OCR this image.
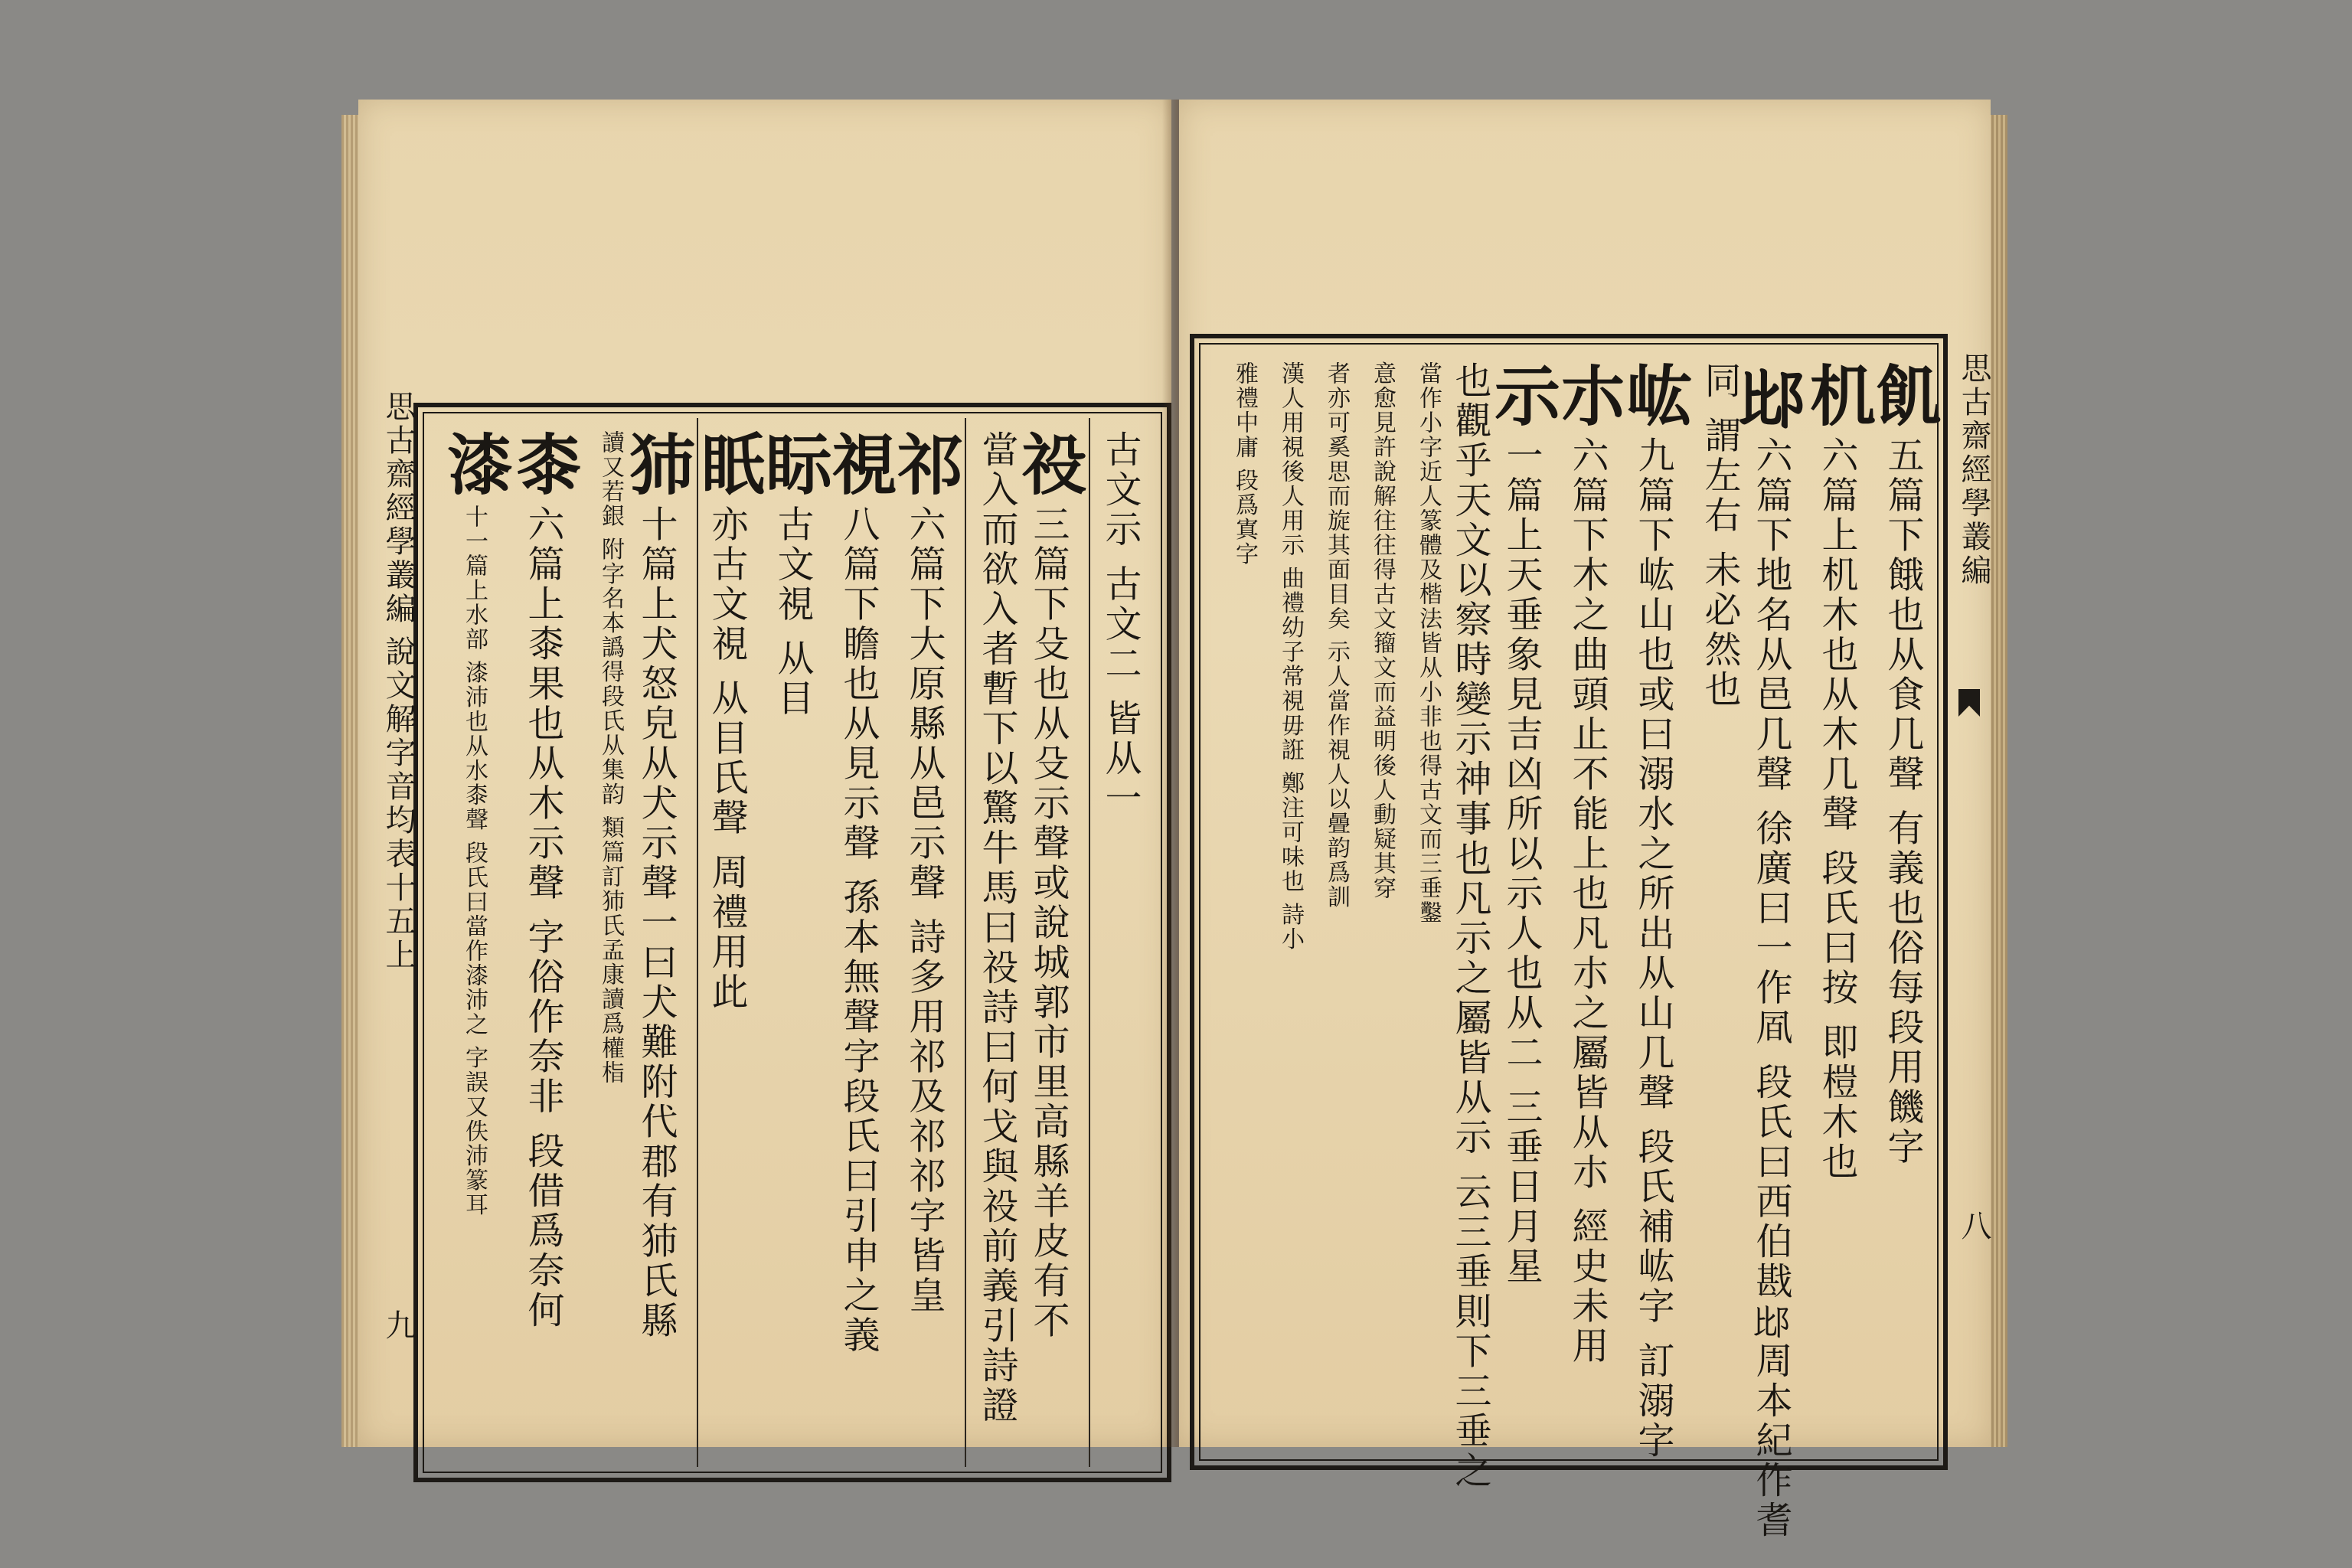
思古齋經學叢編
說文解字音均表十五上
九
古文示 古文二 皆从一
祋 三篇下殳也从殳示聲或說城郭市里高縣羊皮有不
當入而欲入者暫下以驚牛馬曰祋詩曰何戈與祋前義引詩證
祁 六篇下大原縣从邑示聲 詩多用祁及祁祁字皆皇
視 八篇下瞻也从見示聲 孫本無聲字段氏曰引申之義
眎 古文視 从目
眂 亦古文視 从目氏聲 周禮用此
犻 十篇上犬怒皃从犬示聲一曰犬難附代郡有犻氏縣
讀又若銀 附字名本譌得段氏从集韵 類篇訂犻氏孟康讀爲權栺
桼 六篇上桼果也从木示聲 字俗作奈非 段借爲奈何
漆 十一篇上水部 漆沛也从水桼聲 段氏曰當作漆沛之 字誤又佚沛篆耳
思古齋經學叢編
八
飢 五篇下餓也从食几聲 有義也俗每段用饑字
机 六篇上机木也从木几聲 段氏曰按 即榿木也
𨚍 六篇下地名从邑几聲 徐廣曰一作凮 段氏曰西伯戡𨚍周本紀作耆
同 謂左右 未必然也
𡵓 九篇下𡵓山也或曰溺水之所出从山几聲 段氏補𡵓字 訂溺字
朩 六篇下木之曲頭止不能上也凡朩之屬皆从朩 經史未用
示 一篇上天垂象見吉凶所以示人也从二 三垂日月星
也觀乎天文以察時變示神事也凡示之屬皆从示 云三垂則下三垂之
當作小字近人篆體及楷法皆从小非也得古文而三垂鑿
意愈見許說解往往得古文籀文而益明後人動疑其穿
者亦可奚思而旋其面目矣 示人當作視人以曡韵爲訓
漢人用視後人用示 曲禮幼子常視毋誑 鄭注可味也 詩小
雅禮中庸 段爲寘字
